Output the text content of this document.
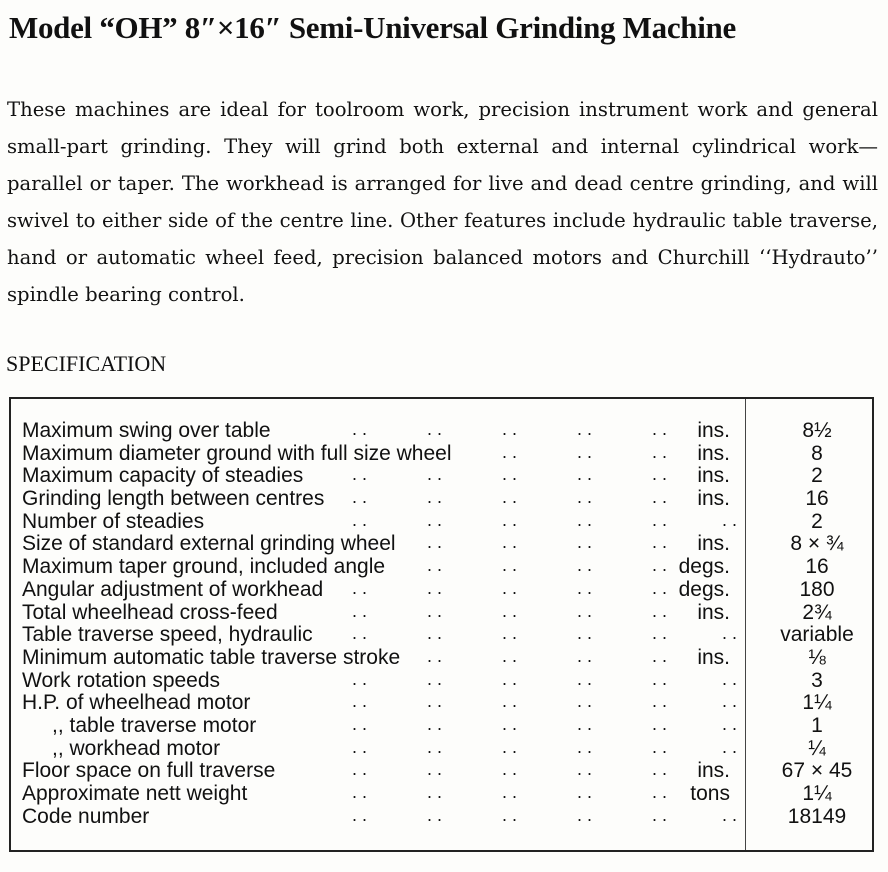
Model “OH” 8″×16″ Semi-Universal Grinding Machine
These machines are ideal for toolroom work, precision instrument work and general small-part grinding. They will grind both external and internal cylindrical work—parallel or taper. The workhead is arranged for live and dead centre grinding, and will swivel to either side of the centre line. Other features include hydraulic table traverse, hand or automatic wheel feed, precision balanced motors and Churchill ‘‘Hydrauto’’ spindle bearing control.
SPECIFICATION
Maximum swing over table	ins.	8½
. .	. .	. .	. .	. .
Maximum diameter ground with full size wheel	ins.	8
. .	. .	. .
Maximum capacity of steadies	ins.	2
. .	. .	. .	. .	. .
Grinding length between centres	ins.	16
. .	. .	. .	. .	. .
Number of steadies	2
. .	. .	. .	. .	. .	. .
Size of standard external grinding wheel	ins.	8 × ¾
. .	. .	. .	. .
Maximum taper ground, included angle	degs.	16
. .	. .	. .	. .
Angular adjustment of workhead	degs.	180
. .	. .	. .	. .	. .
Total wheelhead cross-feed	ins.	2¾
. .	. .	. .	. .	. .
Table traverse speed, hydraulic	variable
. .	. .	. .	. .	. .	. .
Minimum automatic table traverse stroke	ins.	⅛
. .	. .	. .	. .
Work rotation speeds	3
. .	. .	. .	. .	. .	. .
H.P. of wheelhead motor	1¼
. .	. .	. .	. .	. .	. .
,, table traverse motor	1
. .	. .	. .	. .	. .	. .
,, workhead motor	¼
. .	. .	. .	. .	. .	. .
Floor space on full traverse	ins.	67 × 45
. .	. .	. .	. .	. .
Approximate nett weight	tons	1¼
. .	. .	. .	. .	. .
Code number	18149
. .	. .	. .	. .	. .	. .
